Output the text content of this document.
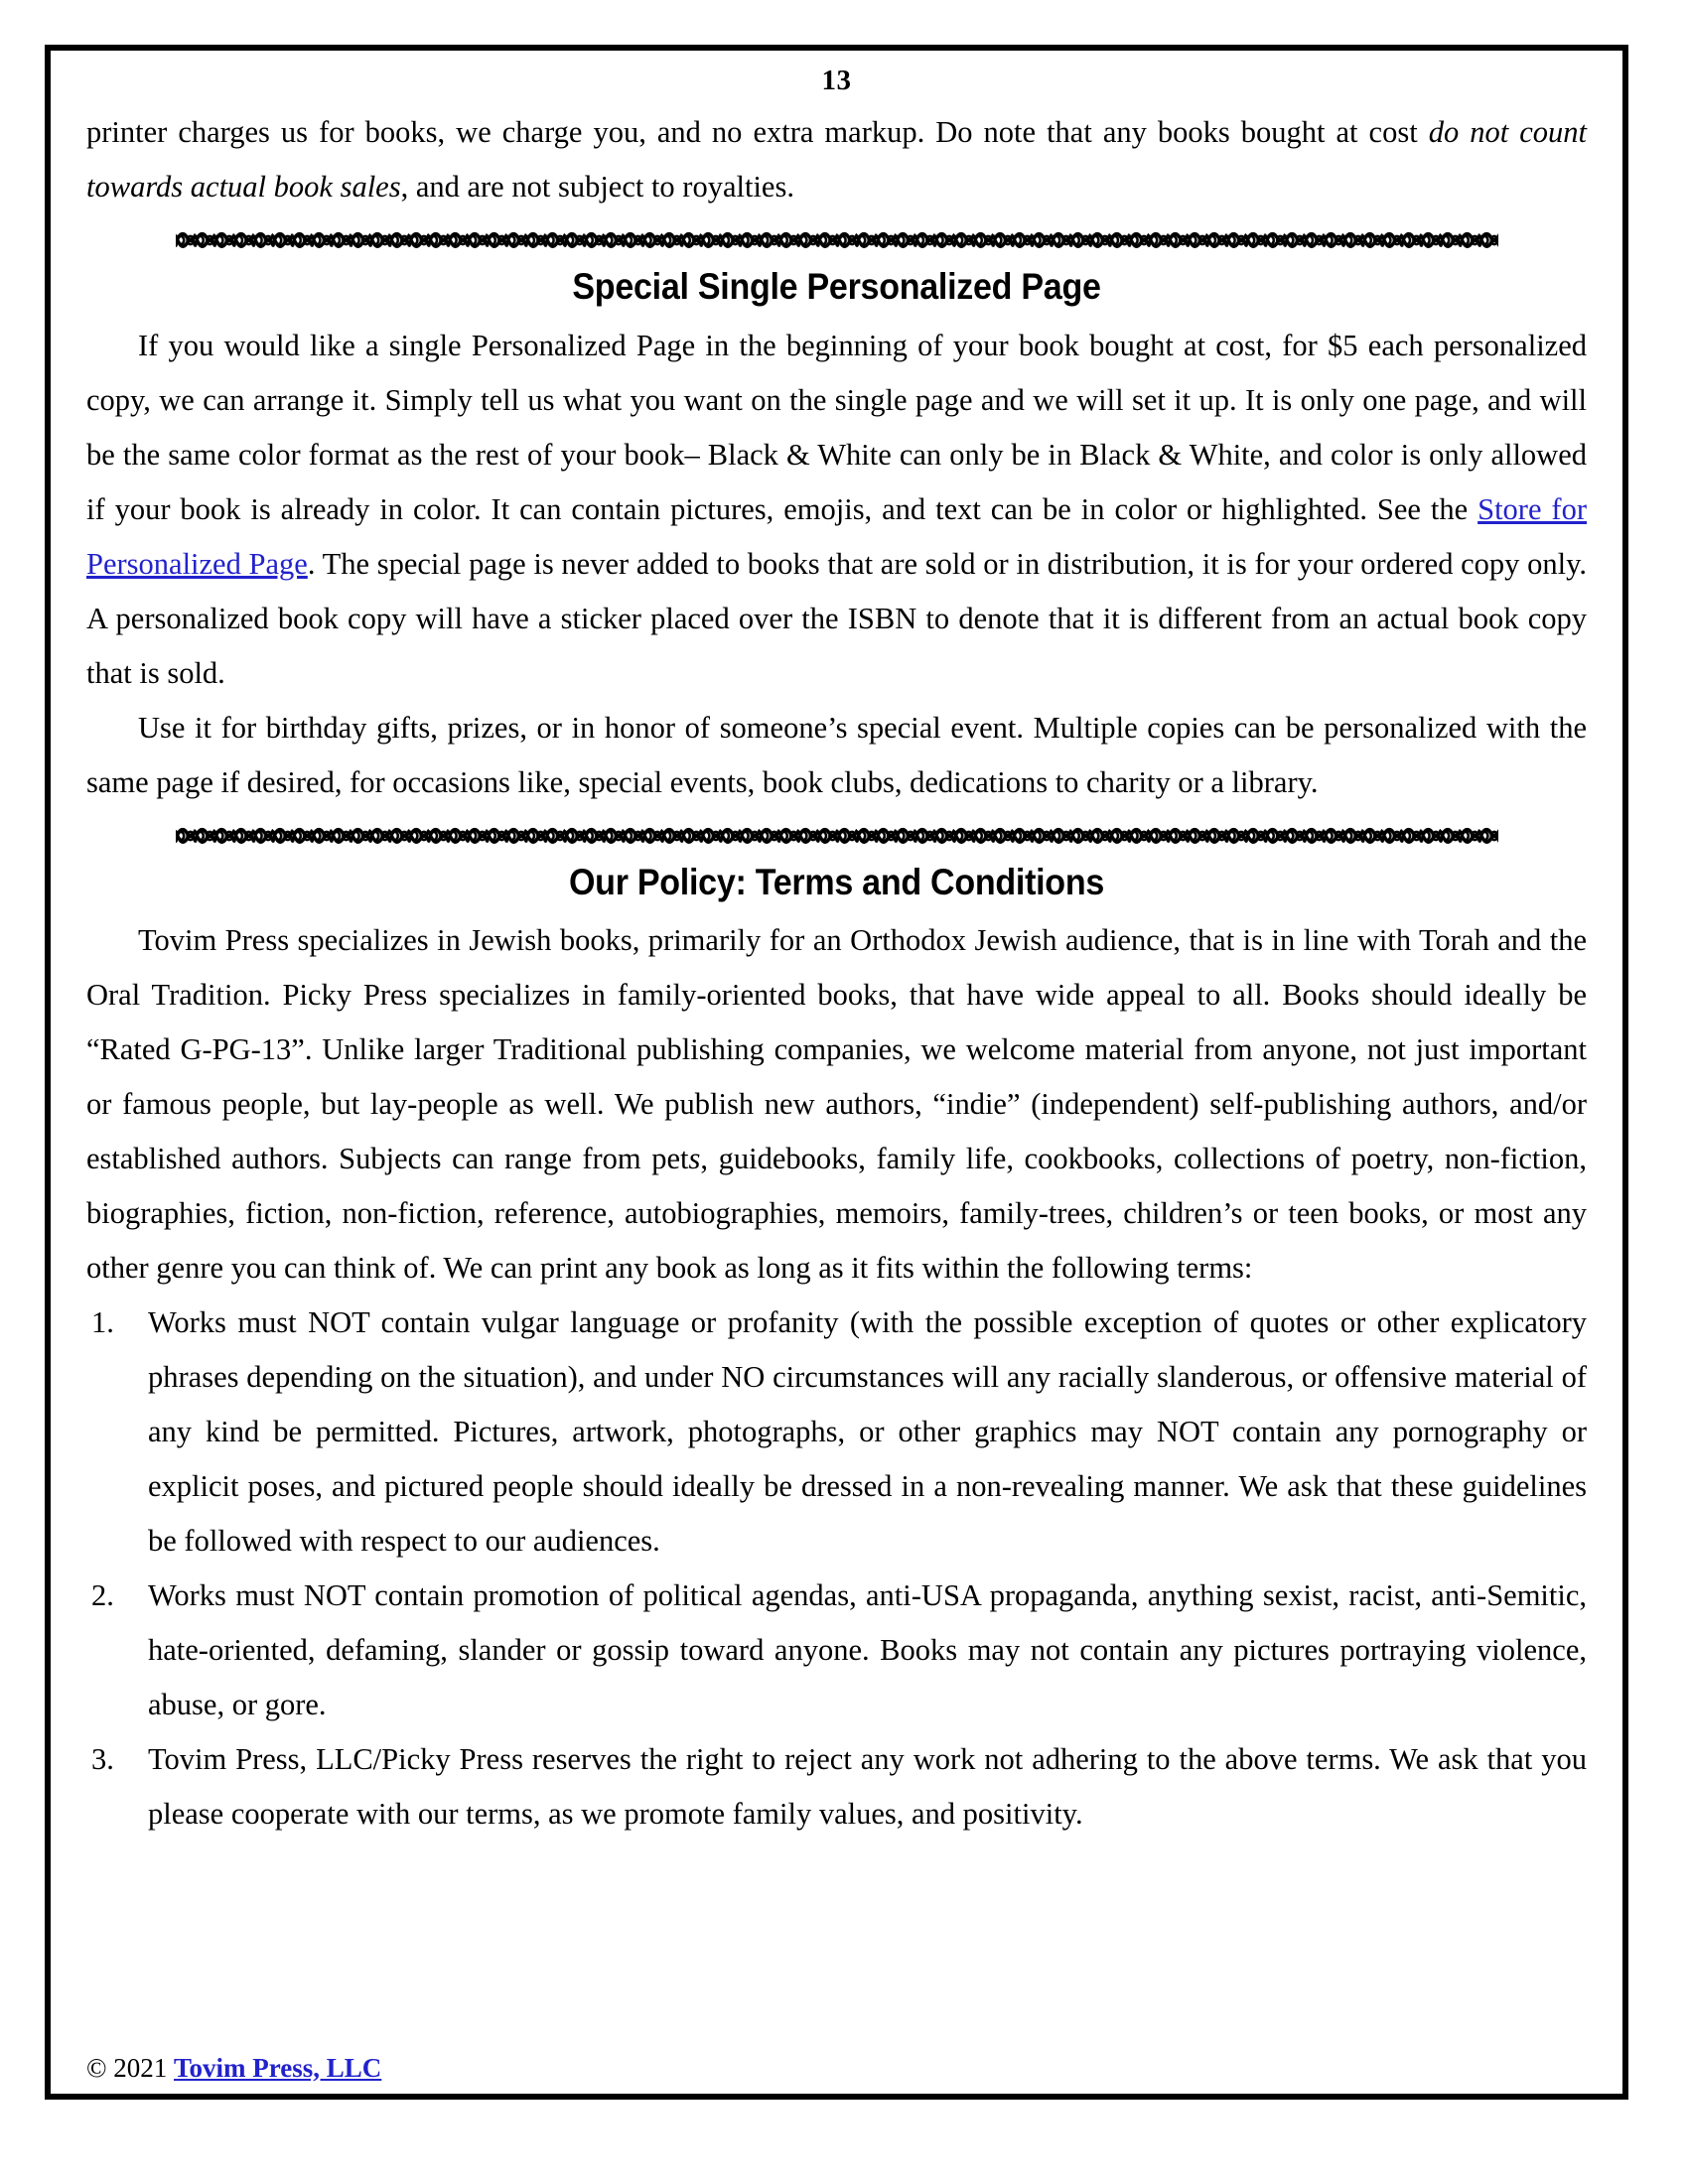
13

printer charges us for books, we charge you, and no extra markup. Do note that any books bought at cost do not count towards actual book sales, and are not subject to royalties.

Special Single Personalized Page

If you would like a single Personalized Page in the beginning of your book bought at cost, for $5 each personalized copy, we can arrange it. Simply tell us what you want on the single page and we will set it up. It is only one page, and will be the same color format as the rest of your book– Black & White can only be in Black & White, and color is only allowed if your book is already in color. It can contain pictures, emojis, and text can be in color or highlighted. See the Store for Personalized Page. The special page is never added to books that are sold or in distribution, it is for your ordered copy only. A personalized book copy will have a sticker placed over the ISBN to denote that it is different from an actual book copy that is sold.

Use it for birthday gifts, prizes, or in honor of someone’s special event. Multiple copies can be personalized with the same page if desired, for occasions like, special events, book clubs, dedications to charity or a library.

Our Policy: Terms and Conditions

Tovim Press specializes in Jewish books, primarily for an Orthodox Jewish audience, that is in line with Torah and the Oral Tradition. Picky Press specializes in family-oriented books, that have wide appeal to all. Books should ideally be “Rated G-PG-13”. Unlike larger Traditional publishing companies, we welcome material from anyone, not just important or famous people, but lay-people as well. We publish new authors, “indie” (independent) self-publishing authors, and/or established authors. Subjects can range from pets, guidebooks, family life, cookbooks, collections of poetry, non-fiction, biographies, fiction, non-fiction, reference, autobiographies, memoirs, family-trees, children’s or teen books, or most any other genre you can think of. We can print any book as long as it fits within the following terms:

1.	Works must NOT contain vulgar language or profanity (with the possible exception of quotes or other explicatory phrases depending on the situation), and under NO circumstances will any racially slanderous, or offensive material of any kind be permitted. Pictures, artwork, photographs, or other graphics may NOT contain any pornography or explicit poses, and pictured people should ideally be dressed in a non-revealing manner. We ask that these guidelines be followed with respect to our audiences.
2.	Works must NOT contain promotion of political agendas, anti-USA propaganda, anything sexist, racist, anti-Semitic, hate-oriented, defaming, slander or gossip toward anyone. Books may not contain any pictures portraying violence, abuse, or gore.
3.	Tovim Press, LLC/Picky Press reserves the right to reject any work not adhering to the above terms. We ask that you please cooperate with our terms, as we promote family values, and positivity.
© 2021 Tovim Press, LLC
